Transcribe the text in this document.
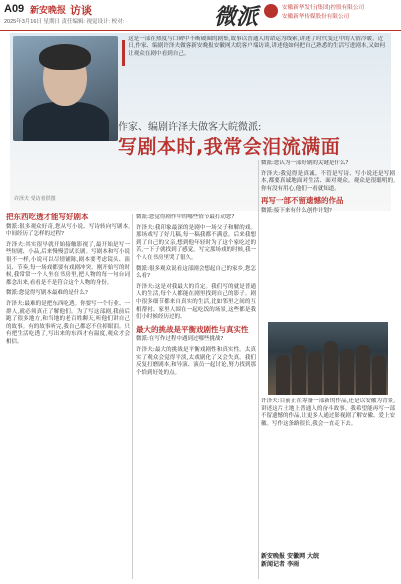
A09 新安晚报 访谈
2025年3月16日 星期日 责任编辑: 视觉设计: 校对:	微派	安徽新华发行(集团)控股有限公司
安徽新华传媒股份有限公司
这是一部在热度与口碑中不断破圈的剧集,故事以普通人的命运为线索,讲述了时代变迁中的人情冷暖。近日,作家、编剧许泽夫做客新安晚报安徽网大皖客户端访谈,讲述他如何把自己熟悉的生活写进剧本,又如何让观众在剧中看到自己。
作家、编剧许泽夫做客大皖微派:
写剧本时,我常会泪流满面
许泽夫 受访者供图
把东西吃透才能写好剧本

微派:很多观众好奇,您从写小说、写诗转向写剧本,中间经历了怎样的过程?

许泽夫:其实很早就开始接触影视了,最开始是写一些短剧、小品,后来慢慢尝试长剧。写剧本和写小说很不一样,小说可以尽情铺陈,剧本要考虑镜头、演员、节奏,每一场戏都要有戏剧冲突。刚开始写的时候,我常常一个人坐在书房里,把人物的每一句台词都念出来,看看是不是符合这个人物的身份。

微派:您觉得写剧本最难的是什么?

许泽夫:最难的是把东西吃透。你要写一个行业、一群人,就必须真正了解他们。为了写这部剧,我前后跑了很多地方,和当地的老百姓聊天,听他们讲自己的故事。有的故事听完,我自己都忍不住掉眼泪。只有把生活吃透了,写出来的东西才有温度,观众才会相信。

微派:您觉得剧作中的哪些情节最打动您?

许泽夫:我印象最深的是剧中一场父子和解的戏。那场戏写了好几稿,每一稿我都不满意。后来我想到了自己的父亲,想到他年轻时为了这个家吃过的苦,一下子就找到了感觉。写完那场戏的时候,我一个人在书房里哭了很久。

微派:很多观众说看这部剧会想起自己的家乡,您怎么看?

许泽夫:这是对我最大的肯定。我们写的就是普通人的生活,每个人都能在剧里找到自己的影子。剧中很多细节都来自真实的生活,比如邻里之间的互相帮衬、家里人围在一起吃饭的场景,这些都是我们小时候经历过的。

最大的挑战是平衡戏剧性与真实性

微派:在写作过程中遇到过哪些挑战?

许泽夫:最大的挑战是平衡戏剧性和真实性。太真实了观众会觉得平淡,太戏剧化了又会失真。我们反复打磨剧本,和导演、演员一起讨论,努力找到那个恰到好处的点。

微派:您认为一部好剧的关键是什么?

许泽夫:我觉得是真诚。不管是写诗、写小说还是写剧本,都要真诚地面对生活、面对观众。观众是很聪明的,你有没有用心,他们一看就知道。

再写一部不留遗憾的作品

微派:接下来有什么创作计划?

许泽夫:目前正在筹备一部新的作品,还是以安徽为背景,讲述这片土地上普通人的奋斗故事。我希望能再写一部不留遗憾的作品,让更多人通过影视剧了解安徽、爱上安徽。写作这条路很长,我会一直走下去。

新安晚报 安徽网 大皖
新闻记者 李雨
